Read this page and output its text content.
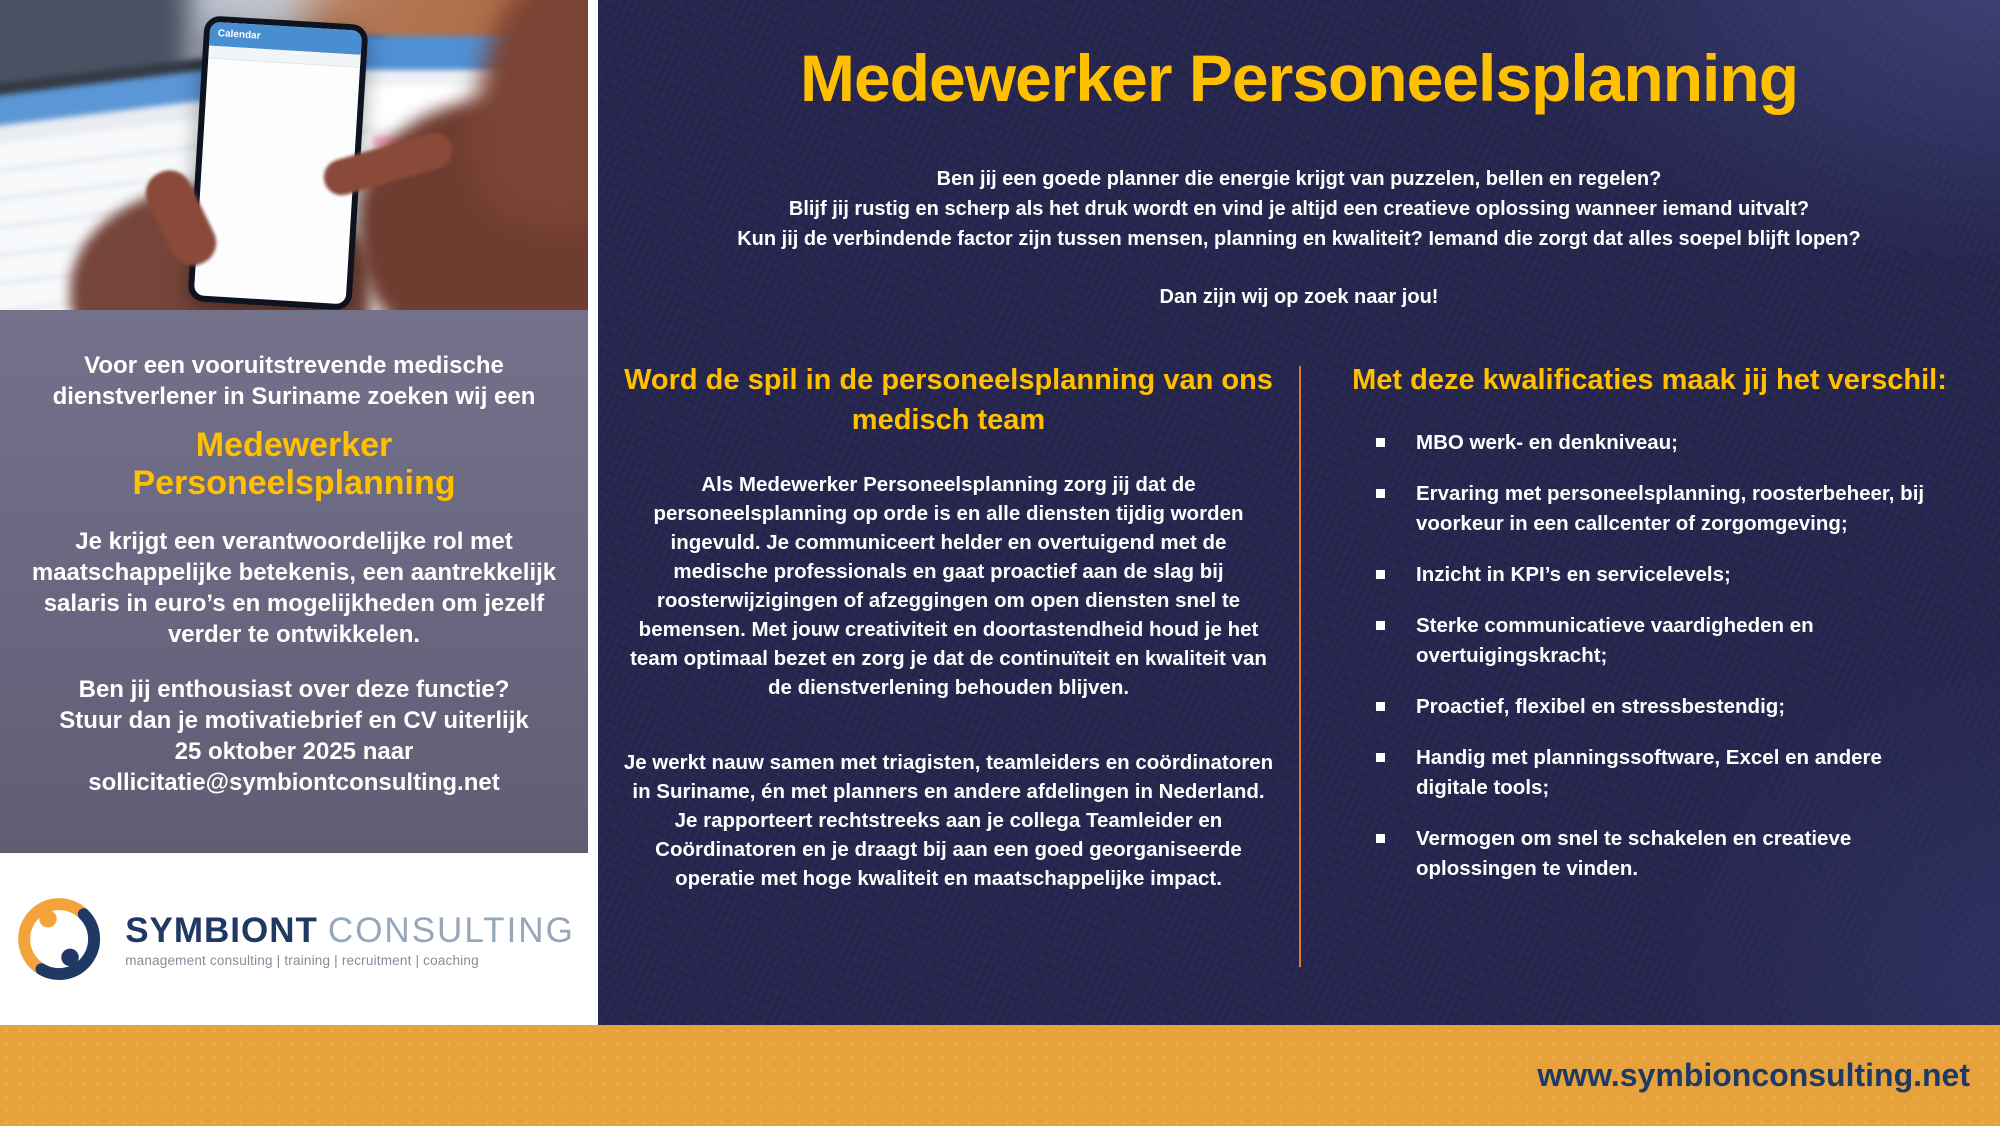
Calendar
Voor een vooruitstrevende medische dienstverlener in Suriname zoeken wij een
Medewerker
Personeelsplanning
Je krijgt een verantwoordelijke rol met maatschappelijke betekenis, een aantrekkelijk salaris in euro’s en mogelijkheden om jezelf verder te ontwikkelen.
Ben jij enthousiast over deze functie?
Stuur dan je motivatiebrief en CV uiterlijk
25 oktober 2025 naar
sollicitatie@symbiontconsulting.net
SYMBIONT CONSULTING
management consulting | training | recruitment | coaching
Medewerker Personeelsplanning

Ben jij een goede planner die energie krijgt van puzzelen, bellen en regelen?

Blijf jij rustig en scherp als het druk wordt en vind je altijd een creatieve oplossing wanneer iemand uitvalt?

Kun jij de verbindende factor zijn tussen mensen, planning en kwaliteit? Iemand die zorgt dat alles soepel blijft lopen?

Dan zijn wij op zoek naar jou!
Word de spil in de personeelsplanning van ons medisch team
Als Medewerker Personeelsplanning zorg jij dat de personeelsplanning op orde is en alle diensten tijdig worden ingevuld. Je communiceert helder en overtuigend met de medische professionals en gaat proactief aan de slag bij roosterwijzigingen of afzeggingen om open diensten snel te bemensen. Met jouw creativiteit en doortastendheid houd je het team optimaal bezet en zorg je dat de continuïteit en kwaliteit van de dienstverlening behouden blijven.
Je werkt nauw samen met triagisten, teamleiders en coördinatoren in Suriname, én met planners en andere afdelingen in Nederland.
Je rapporteert rechtstreeks aan je collega Teamleider en Coördinatoren en je draagt bij aan een goed georganiseerde operatie met hoge kwaliteit en maatschappelijke impact.
Met deze kwalificaties maak jij het verschil:
MBO werk- en denkniveau;
Ervaring met personeelsplanning, roosterbeheer, bij voorkeur in een callcenter of zorgomgeving;
Inzicht in KPI’s en servicelevels;
Sterke communicatieve vaardigheden en overtuigingskracht;
Proactief, flexibel en stressbestendig;
Handig met planningssoftware, Excel en andere digitale tools;
Vermogen om snel te schakelen en creatieve oplossingen te vinden.
www.symbionconsulting.net
